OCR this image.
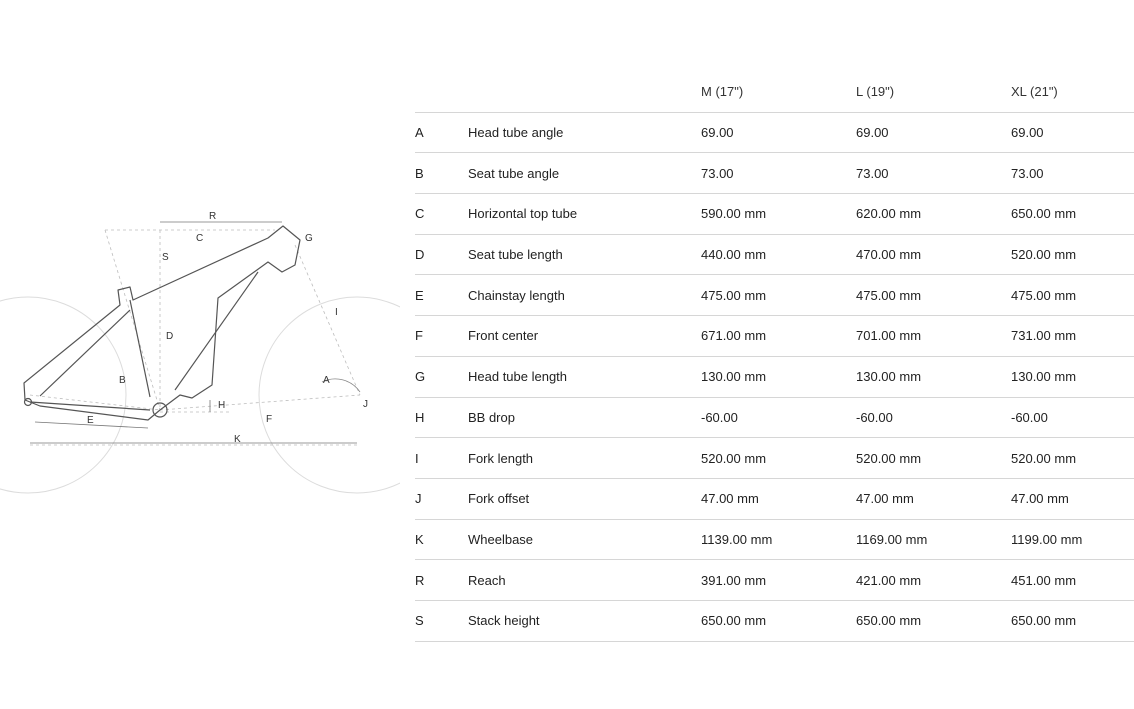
R
C
S
G
D
I
B	A
H	J
E	F
K
		M (17")	L (19")	XL (21")
A	Head tube angle	69.00	69.00	69.00
B	Seat tube angle	73.00	73.00	73.00
C	Horizontal top tube	590.00 mm	620.00 mm	650.00 mm
D	Seat tube length	440.00 mm	470.00 mm	520.00 mm
E	Chainstay length	475.00 mm	475.00 mm	475.00 mm
F	Front center	671.00 mm	701.00 mm	731.00 mm
G	Head tube length	130.00 mm	130.00 mm	130.00 mm
H	BB drop	-60.00	-60.00	-60.00
I	Fork length	520.00 mm	520.00 mm	520.00 mm
J	Fork offset	47.00 mm	47.00 mm	47.00 mm
K	Wheelbase	1139.00 mm	1169.00 mm	1199.00 mm
R	Reach	391.00 mm	421.00 mm	451.00 mm
S	Stack height	650.00 mm	650.00 mm	650.00 mm
